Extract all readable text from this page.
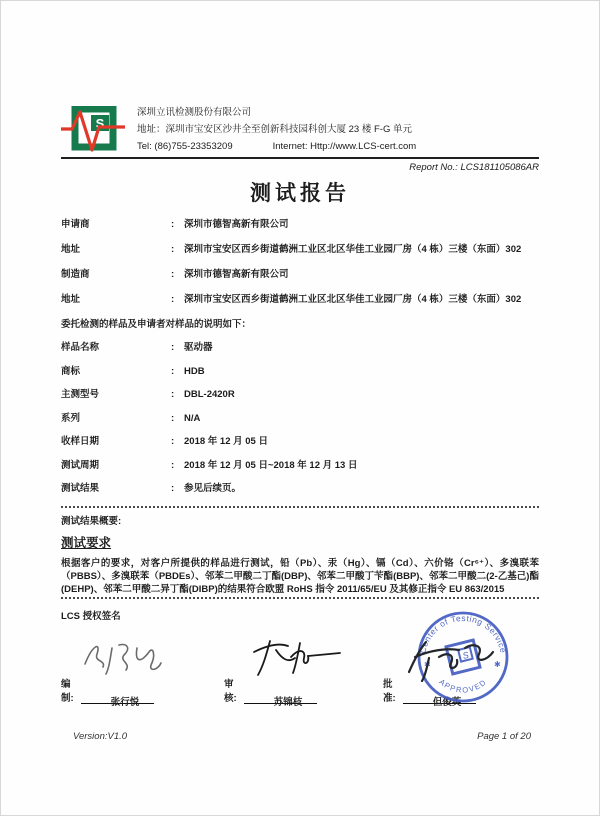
S
深圳立讯检测股份有限公司
地址：深圳市宝安区沙井全至创新科技园科创大厦 23 楼 F-G 单元
Tel: (86)755-23353209	Internet: Http://www.LCS-cert.com
Report No.: LCS181105086AR
测试报告
申请商	:	深圳市德智高新有限公司
地址	:	深圳市宝安区西乡街道鹤洲工业区北区华佳工业园厂房（4 栋）三楼（东面）302
制造商	:	深圳市德智高新有限公司
地址	:	深圳市宝安区西乡街道鹤洲工业区北区华佳工业园厂房（4 栋）三楼（东面）302
委托检测的样品及申请者对样品的说明如下：
样品名称	:	驱动器
商标	:	HDB
主测型号	:	DBL-2420R
系列	:	N/A
收样日期	:	2018 年 12 月 05 日
测试周期	:	2018 年 12 月 05 日~2018 年 12 月 13 日
测试结果	:	参见后续页。
测试结果概要:
测试要求
根据客户的要求，对客户所提供的样品进行测试，铅（Pb）、汞（Hg）、镉（Cd）、六价铬（Cr⁶⁺）、多溴联苯（PBBS）、多溴联苯（PBDEs）、邻苯二甲酸二丁酯(DBP)、邻苯二甲酸丁苄酯(BBP)、邻苯二甲酸二(2-乙基己)酯(DEHP)、邻苯二甲酸二异丁酯(DIBP)的结果符合欧盟 RoHS 指令 2011/65/EU 及其修正指令 EU 863/2015
LCS 授权签名
编制:	张行悦
审核:	苏锦枝
批准:	但俊英
Center of Testing Service
APPROVED
✱	✱
S
Version:V1.0	Page 1 of 20
